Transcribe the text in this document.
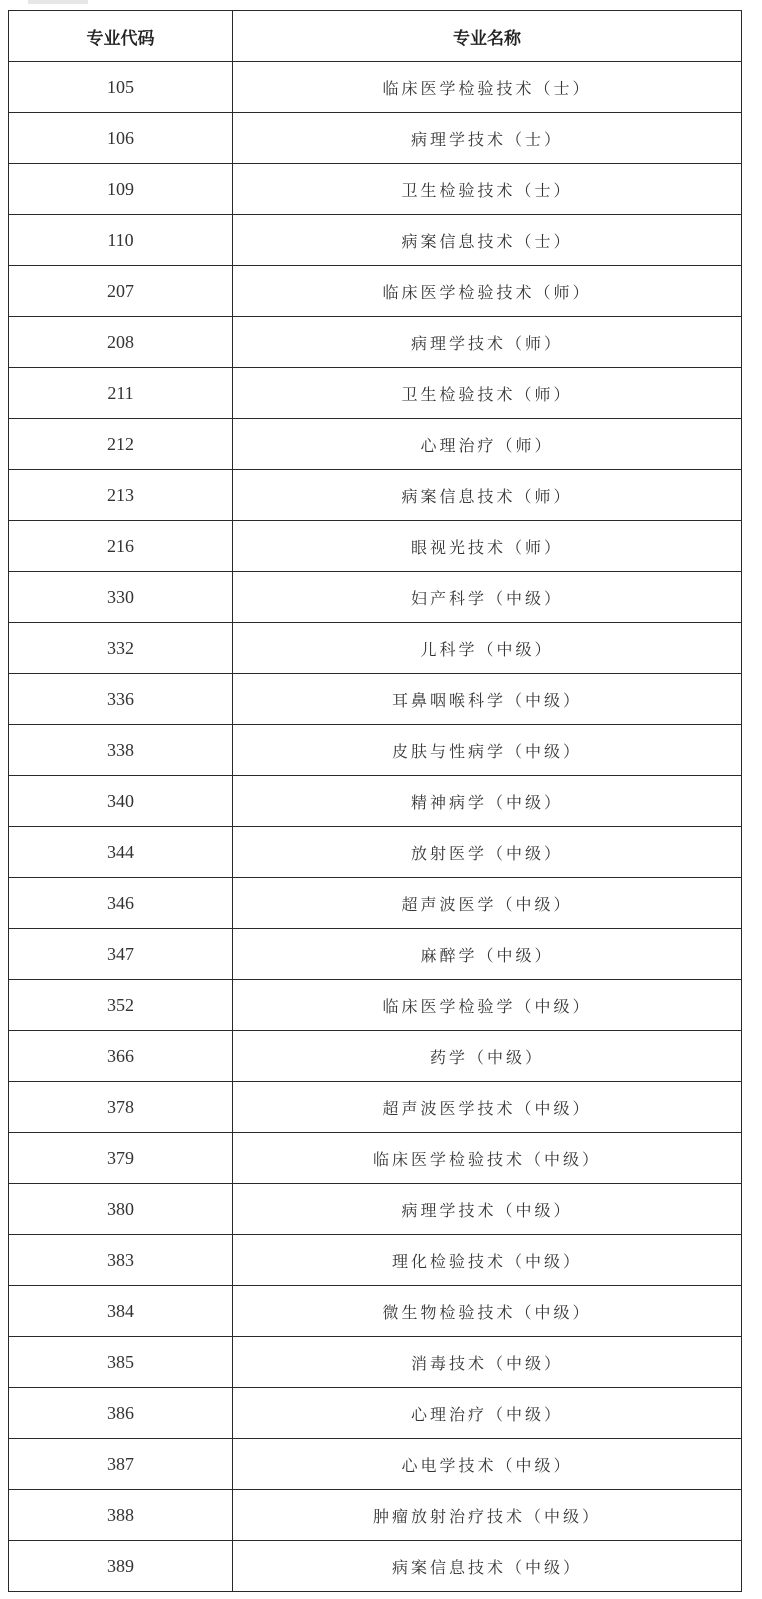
专业代码	专业名称
105	临床医学检验技术（士）
106	病理学技术（士）
109	卫生检验技术（士）
110	病案信息技术（士）
207	临床医学检验技术（师）
208	病理学技术（师）
211	卫生检验技术（师）
212	心理治疗（师）
213	病案信息技术（师）
216	眼视光技术（师）
330	妇产科学（中级）
332	儿科学（中级）
336	耳鼻咽喉科学（中级）
338	皮肤与性病学（中级）
340	精神病学（中级）
344	放射医学（中级）
346	超声波医学（中级）
347	麻醉学（中级）
352	临床医学检验学（中级）
366	药学（中级）
378	超声波医学技术（中级）
379	临床医学检验技术（中级）
380	病理学技术（中级）
383	理化检验技术（中级）
384	微生物检验技术（中级）
385	消毒技术（中级）
386	心理治疗（中级）
387	心电学技术（中级）
388	肿瘤放射治疗技术（中级）
389	病案信息技术（中级）
